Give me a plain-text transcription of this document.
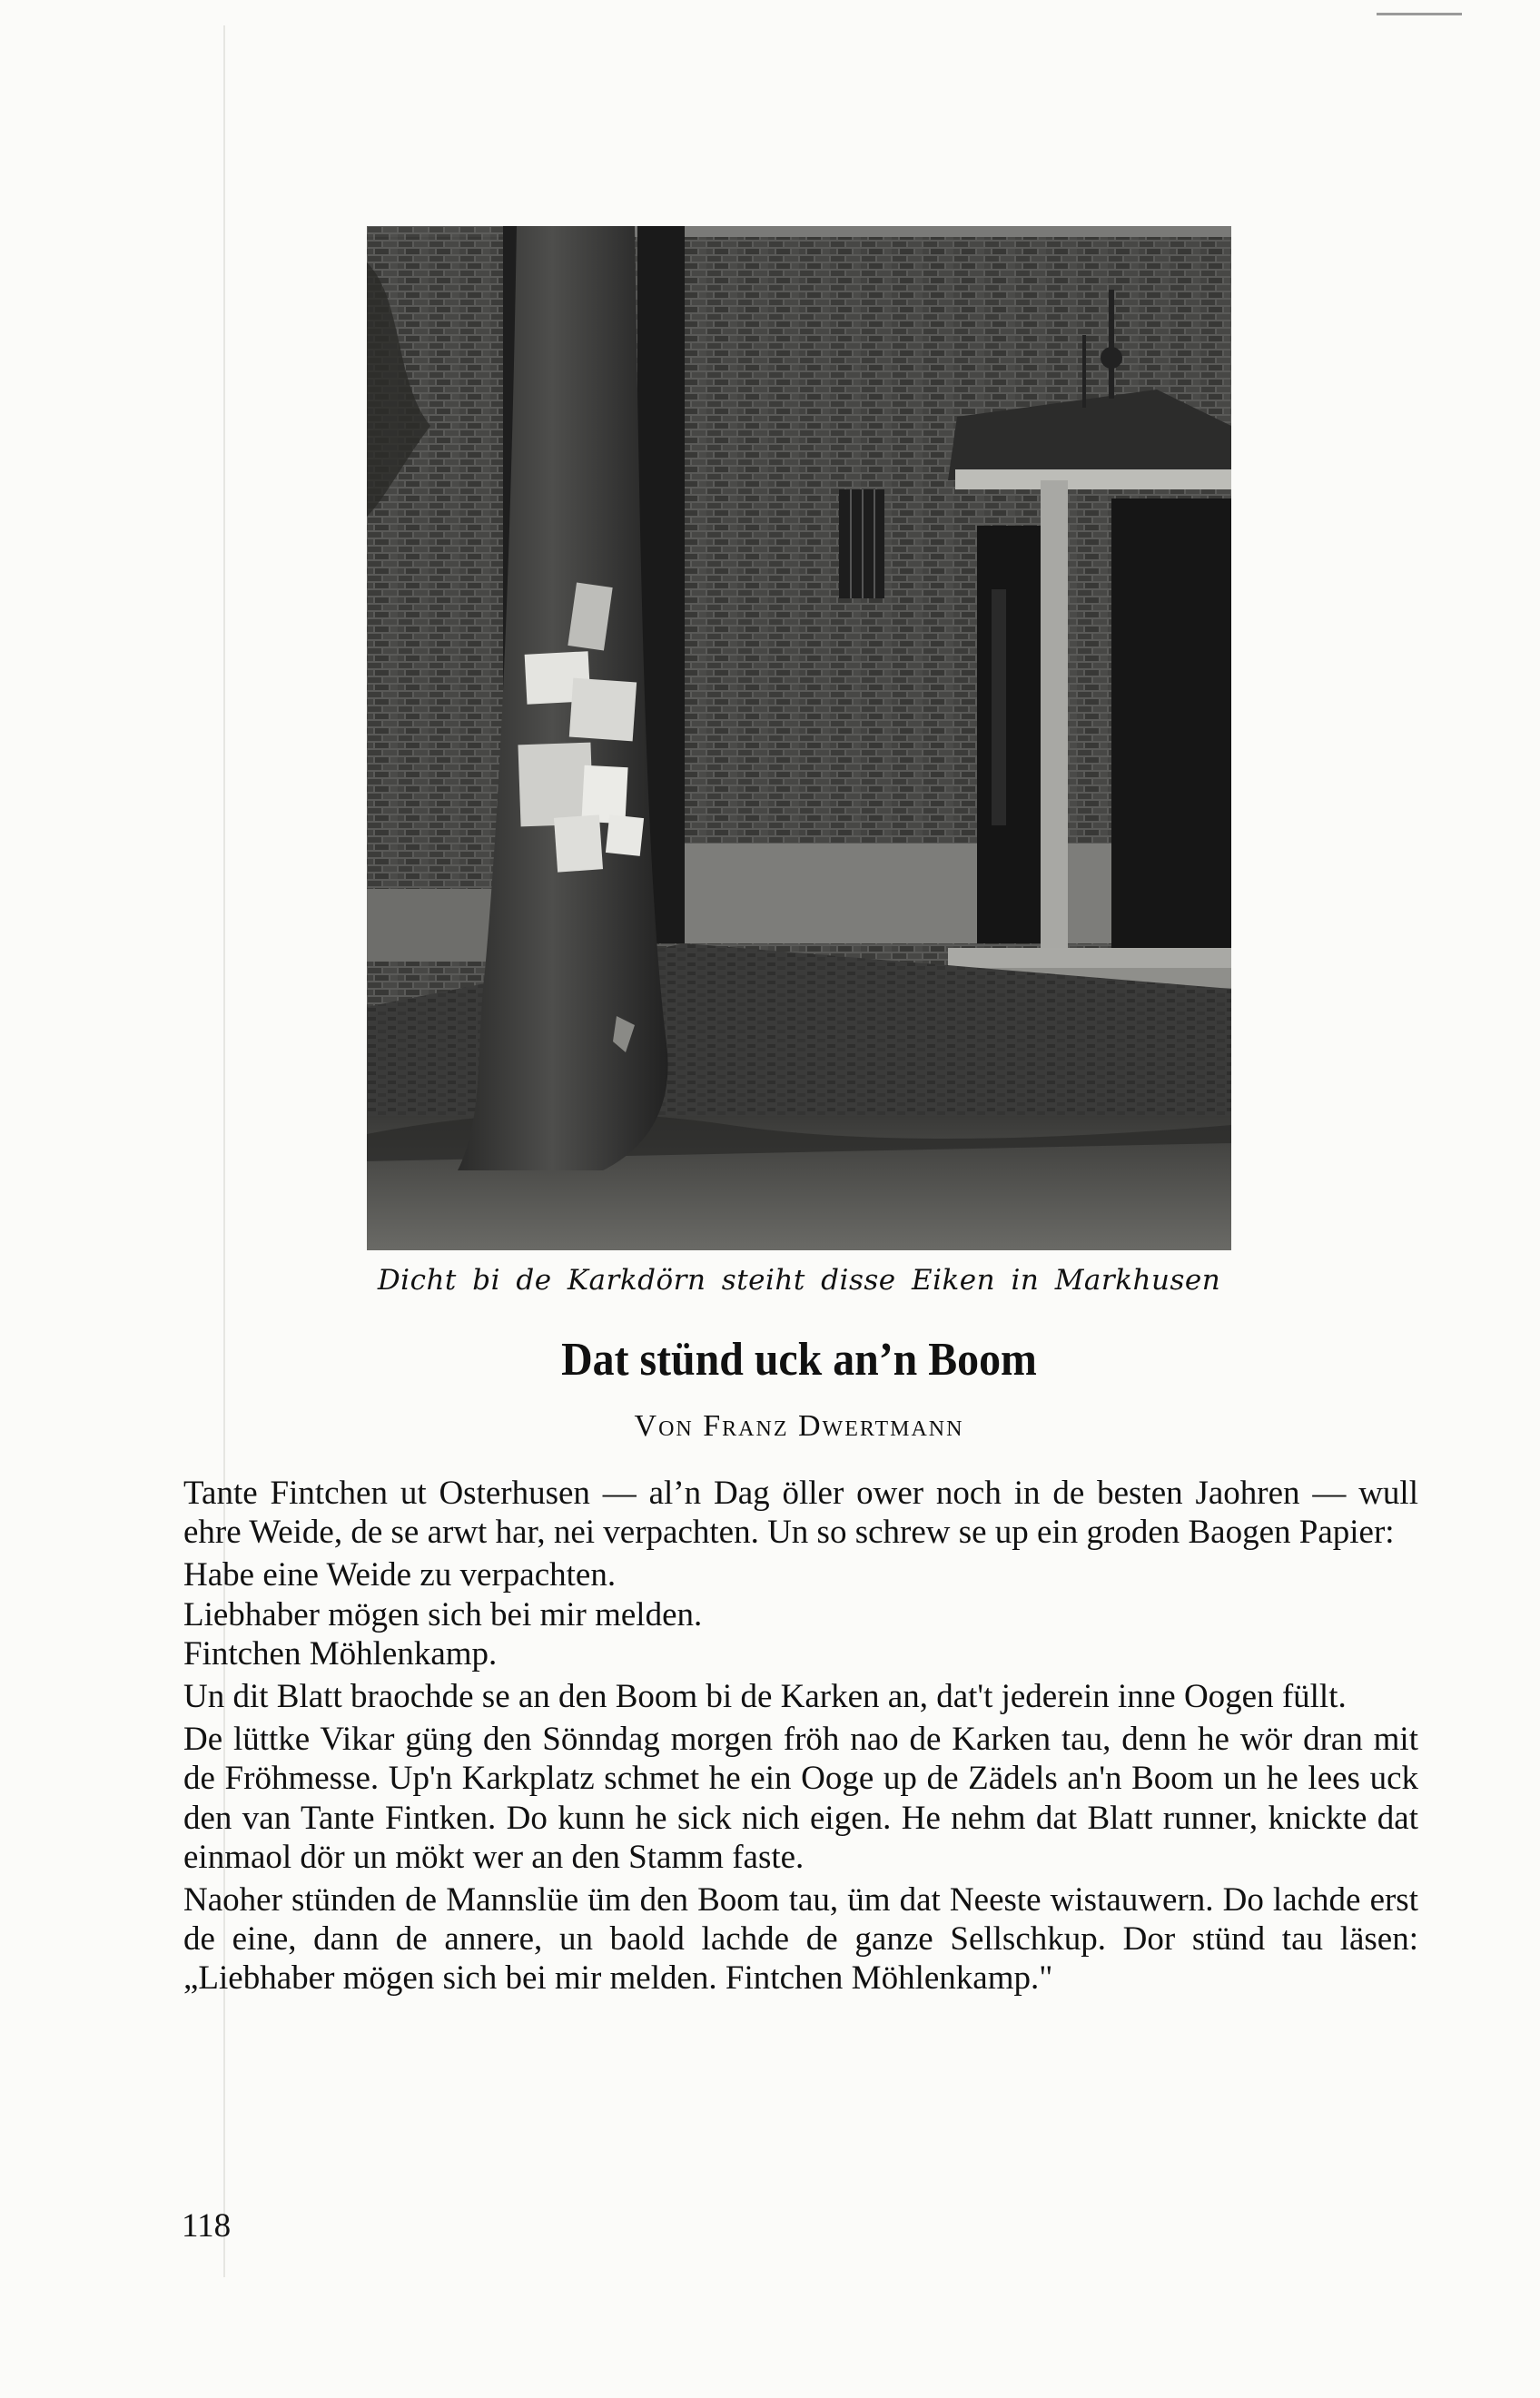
Dicht bi de Karkdörn steiht disse Eiken in Markhusen
Dat stünd uck an’n Boom
Von Franz Dwertmann

Tante Fintchen ut Osterhusen — al’n Dag öller ower noch in de besten Jaohren — wull ehre Weide, de se arwt har, nei verpachten. Un so schrew se up ein groden Baogen Papier:

Habe eine Weide zu verpachten.

Liebhaber mögen sich bei mir melden.

Fintchen Möhlenkamp.

Un dit Blatt braochde se an den Boom bi de Karken an, dat't jederein inne Oogen füllt.

De lüttke Vikar güng den Sönndag morgen fröh nao de Karken tau, denn he wör dran mit de Fröhmesse. Up'n Karkplatz schmet he ein Ooge up de Zädels an'n Boom un he lees uck den van Tante Fintken. Do kunn he sick nich eigen. He nehm dat Blatt runner, knickte dat einmaol dör un mökt wer an den Stamm faste.

Naoher stünden de Mannslüe üm den Boom tau, üm dat Neeste wistauwern. Do lachde erst de eine, dann de annere, un baold lachde de ganze Sellschkup. Dor stünd tau läsen: „Liebhaber mögen sich bei mir melden. Fintchen Möhlenkamp."

118
